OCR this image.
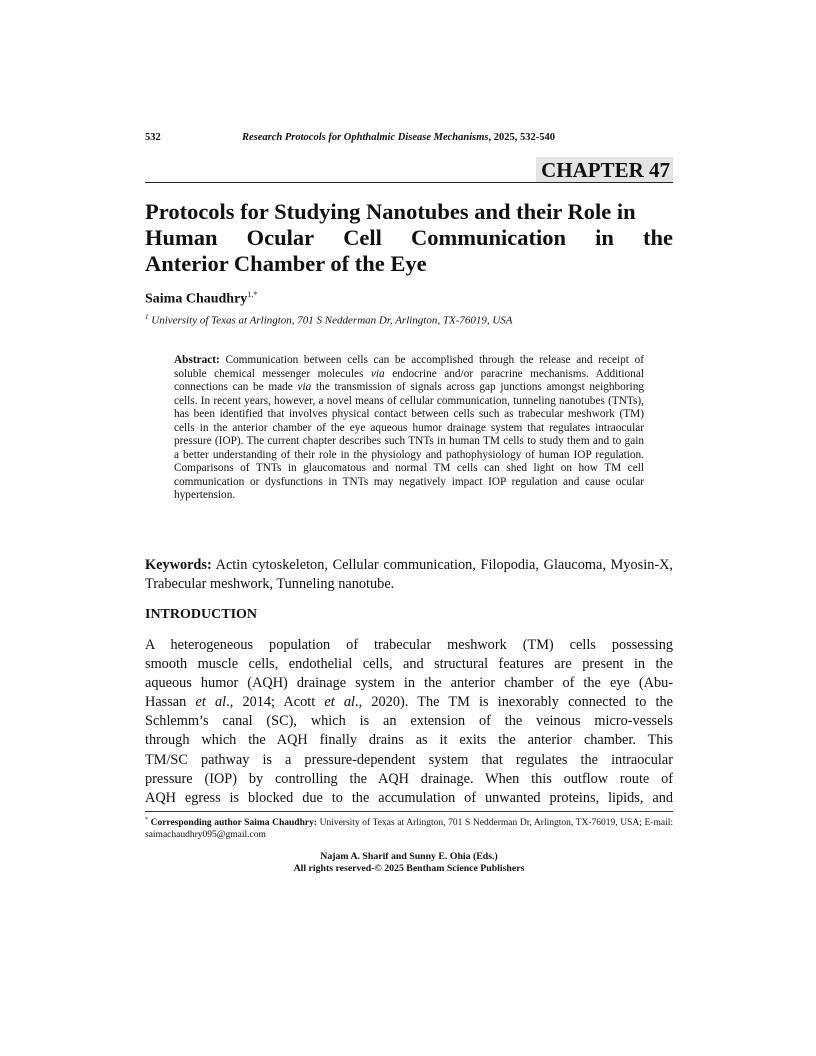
532	Research Protocols for Ophthalmic Disease Mechanisms, 2025, 532-540
CHAPTER 47
Protocols for Studying Nanotubes and their Role in
Human Ocular Cell Communication in the
Anterior Chamber of the Eye
Saima Chaudhry$^{1,*}$
$^1$ University of Texas at Arlington, 701 S Nedderman Dr, Arlington, TX-76019, USA
Abstract: Communication between cells can be accomplished through the release and receipt of soluble chemical messenger molecules via endocrine and/or paracrine mechanisms. Additional connections can be made via the transmission of signals across gap junctions amongst neighboring cells. In recent years, however, a novel means of cellular communication, tunneling nanotubes (TNTs), has been identified that involves physical contact between cells such as trabecular meshwork (TM) cells in the anterior chamber of the eye aqueous humor drainage system that regulates intraocular pressure (IOP). The current chapter describes such TNTs in human TM cells to study them and to gain a better understanding of their role in the physiology and pathophysiology of human IOP regulation. Comparisons of TNTs in glaucomatous and normal TM cells can shed light on how TM cell communication or dysfunctions in TNTs may negatively impact IOP regulation and cause ocular hypertension.
Keywords: Actin cytoskeleton, Cellular communication, Filopodia, Glaucoma, Myosin-X, Trabecular meshwork, Tunneling nanotube.
INTRODUCTION
A heterogeneous population of trabecular meshwork (TM) cells possessing
smooth muscle cells, endothelial cells, and structural features are present in the
aqueous humor (AQH) drainage system in the anterior chamber of the eye (Abu-
Hassan et al., 2014; Acott et al., 2020). The TM is inexorably connected to the
Schlemm’s canal (SC), which is an extension of the veinous micro-vessels
through which the AQH finally drains as it exits the anterior chamber. This
TM/SC pathway is a pressure-dependent system that regulates the intraocular
pressure (IOP) by controlling the AQH drainage. When this outflow route of
AQH egress is blocked due to the accumulation of unwanted proteins, lipids, and
* Corresponding author Saima Chaudhry: University of Texas at Arlington, 701 S Nedderman Dr, Arlington, TX-76019, USA; E-mail: saimachaudhry095@gmail.com
Najam A. Sharif and Sunny E. Ohia (Eds.)
All rights reserved-© 2025 Bentham Science Publishers
